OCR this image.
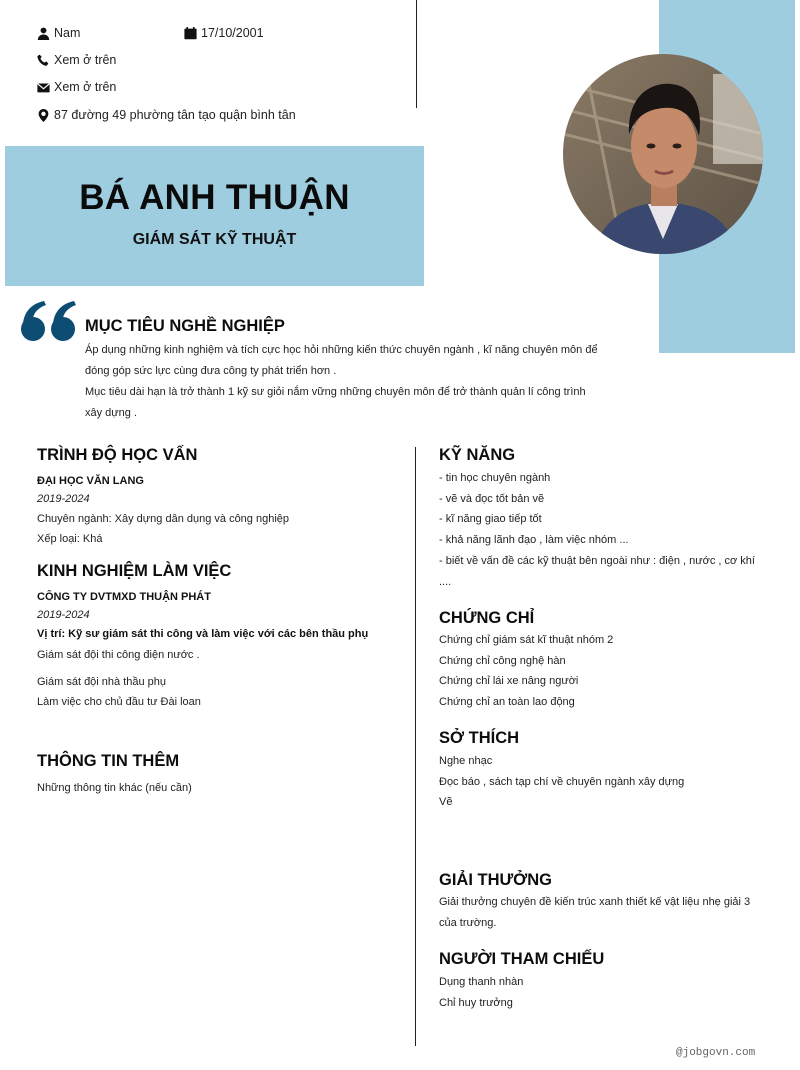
Nam	17/10/2001
Xem ở trên
Xem ở trên
87 đường 49 phường tân tạo quận bình tân
BÁ ANH THUẬN
GIÁM SÁT KỸ THUẬT
MỤC TIÊU NGHỀ NGHIỆP
Áp dụng những kinh nghiệm và tích cực học hỏi những kiến thức chuyên ngành , kĩ năng chuyên môn để đóng góp sức lực cùng đưa công ty phát triển hơn .
Mục tiêu dài hạn là trở thành 1 kỹ sư giỏi nắm vững những chuyên môn để trở thành quản lí công trình xây dựng .
TRÌNH ĐỘ HỌC VẤN
ĐẠI HỌC VĂN LANG
2019-2024
Chuyên ngành: Xây dựng dân dụng và công nghiệp
Xếp loại: Khá
KINH NGHIỆM LÀM VIỆC
CÔNG TY DVTMXD THUẬN PHÁT
2019-2024
Vị trí: Kỹ sư giám sát thi công và làm việc với các bên thầu phụ
Giám sát đội thi công điện nước .
Giám sát đội nhà thầu phụ
Làm việc cho chủ đầu tư Đài loan
THÔNG TIN THÊM
Những thông tin khác (nếu cần)
KỸ NĂNG
- tin học chuyên ngành
- vẽ và đọc tốt bản vẽ
- kĩ năng giao tiếp tốt
- khả năng lãnh đạo , làm việc nhóm ...
- biết về vấn đề các kỹ thuật bên ngoài như : điện , nước , cơ khí
....
CHỨNG CHỈ
Chứng chỉ giám sát kĩ thuật nhóm 2
Chứng chỉ công nghệ hàn
Chứng chỉ lái xe nâng người
Chứng chỉ an toàn lao động
SỞ THÍCH
Nghe nhạc
Đọc báo , sách tạp chí về chuyên ngành xây dựng
Vẽ
GIẢI THƯỞNG
Giải thưởng chuyên đề kiến trúc xanh thiết kế vật liệu nhẹ giải 3
của trường.
NGƯỜI THAM CHIẾU
Dụng thanh nhàn
Chỉ huy trưởng
@jobgovn.com
